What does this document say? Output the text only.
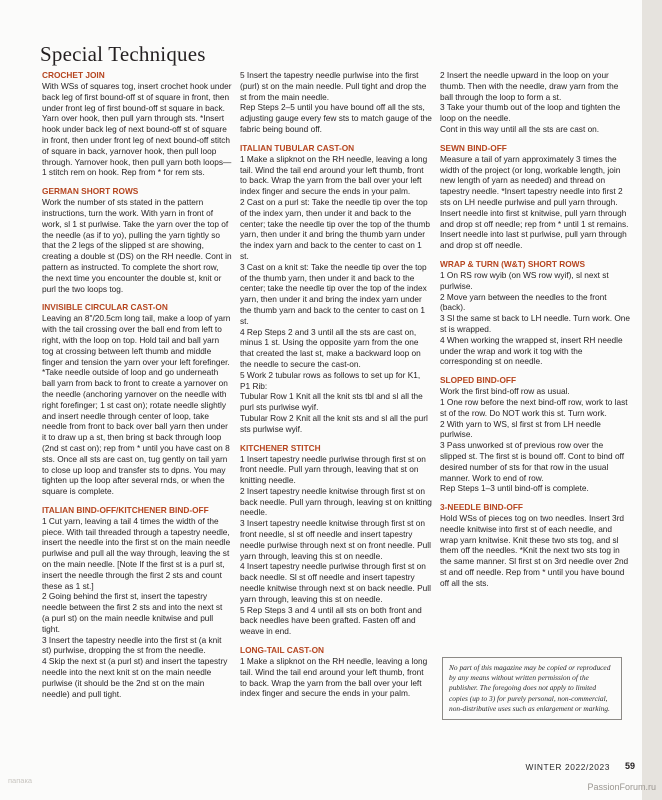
Special Techniques
CROCHET JOIN

With WSs of squares tog, insert crochet hook under back leg of first bound-off st of square in front, then under front leg of first bound-off st square in back. Yarn over hook, then pull yarn through sts. *Insert hook under back leg of next bound-off st of square in front, then under front leg of next bound-off stitch of square in back, yarnover hook, then pull loop through. Yarnover hook, then pull yarn both loops—1 stitch rem on hook. Rep from * for rem sts.

GERMAN SHORT ROWS

Work the number of sts stated in the pattern instructions, turn the work. With yarn in front of work, sl 1 st purlwise. Take the yarn over the top of the needle (as if to yo), pulling the yarn tightly so that the 2 legs of the slipped st are showing, creating a double st (DS) on the RH needle. Cont in pattern as instructed. To complete the short row, the next time you encounter the double st, knit or purl the two loops tog.

INVISIBLE CIRCULAR CAST-ON

Leaving an 8"/20.5cm long tail, make a loop of yarn with the tail crossing over the ball end from left to right, with the loop on top. Hold tail and ball yarn tog at crossing between left thumb and middle finger and tension the yarn over your left forefinger. *Take needle outside of loop and go underneath ball yarn from back to front to create a yarnover on the needle (anchoring yarnover on the needle with right forefinger; 1 st cast on); rotate needle slightly and insert needle through center of loop, take needle from front to back over ball yarn then under it to draw up a st, then bring st back through loop (2nd st cast on); rep from * until you have cast on 8 sts. Once all sts are cast on, tug gently on tail yarn to close up loop and transfer sts to dpns. You may tighten up the loop after several rnds, or when the square is complete.

ITALIAN BIND-OFF/KITCHENER BIND-OFF

1 Cut yarn, leaving a tail 4 times the width of the piece. With tail threaded through a tapestry needle, insert the needle into the first st on the main needle purlwise and pull all the way through, leaving the st on the main needle. [Note If the first st is a purl st, insert the needle through the first 2 sts and count these as 1 st.]

2 Going behind the first st, insert the tapestry needle between the first 2 sts and into the next st (a purl st) on the main needle knitwise and pull tight.

3 Insert the tapestry needle into the first st (a knit st) purlwise, dropping the st from the needle.

4 Skip the next st (a purl st) and insert the tapestry needle into the next knit st on the main needle purlwise (it should be the 2nd st on the main needle) and pull tight.

5 Insert the tapestry needle purlwise into the first (purl) st on the main needle. Pull tight and drop the st from the main needle.

Rep Steps 2–5 until you have bound off all the sts, adjusting gauge every few sts to match gauge of the fabric being bound off.

ITALIAN TUBULAR CAST-ON

1 Make a slipknot on the RH needle, leaving a long tail. Wind the tail end around your left thumb, front to back. Wrap the yarn from the ball over your left index finger and secure the ends in your palm.

2 Cast on a purl st: Take the needle tip over the top of the index yarn, then under it and back to the center; take the needle tip over the top of the thumb yarn, then under it and bring the thumb yarn under the index yarn and back to the center to cast on 1 st.

3 Cast on a knit st: Take the needle tip over the top of the thumb yarn, then under it and back to the center; take the needle tip over the top of the index yarn, then under it and bring the index yarn under the thumb yarn and back to the center to cast on 1 st.

4 Rep Steps 2 and 3 until all the sts are cast on, minus 1 st. Using the opposite yarn from the one that created the last st, make a backward loop on the needle to secure the cast-on.

5 Work 2 tubular rows as follows to set up for K1, P1 Rib:

Tubular Row 1 Knit all the knit sts tbl and sl all the purl sts purlwise wyif.

Tubular Row 2 Knit all the knit sts and sl all the purl sts purlwise wyif.

KITCHENER STITCH

1 Insert tapestry needle purlwise through first st on front needle. Pull yarn through, leaving that st on knitting needle.

2 Insert tapestry needle knitwise through first st on back needle. Pull yarn through, leaving st on knitting needle.

3 Insert tapestry needle knitwise through first st on front needle, sl st off needle and insert tapestry needle purlwise through next st on front needle. Pull yarn through, leaving this st on needle.

4 Insert tapestry needle purlwise through first st on back needle. Sl st off needle and insert tapestry needle knitwise through next st on back needle. Pull yarn through, leaving this st on needle.

5 Rep Steps 3 and 4 until all sts on both front and back needles have been grafted. Fasten off and weave in end.

LONG-TAIL CAST-ON

1 Make a slipknot on the RH needle, leaving a long tail. Wind the tail end around your left thumb, front to back. Wrap the yarn from the ball over your left index finger and secure the ends in your palm.

2 Insert the needle upward in the loop on your thumb. Then with the needle, draw yarn from the ball through the loop to form a st.

3 Take your thumb out of the loop and tighten the loop on the needle.

Cont in this way until all the sts are cast on.

SEWN BIND-OFF

Measure a tail of yarn approximately 3 times the width of the project (or long, workable length, join new length of yarn as needed) and thread on tapestry needle. *Insert tapestry needle into first 2 sts on LH needle purlwise and pull yarn through. Insert needle into first st knitwise, pull yarn through and drop st off needle; rep from * until 1 st remains. Insert needle into last st purlwise, pull yarn through and drop st off needle.

WRAP & TURN (W&T) SHORT ROWS

1 On RS row wyib (on WS row wyif), sl next st purlwise.

2 Move yarn between the needles to the front (back).

3 Sl the same st back to LH needle. Turn work. One st is wrapped.

4 When working the wrapped st, insert RH needle under the wrap and work it tog with the corresponding st on needle.

SLOPED BIND-OFF

Work the first bind-off row as usual.

1 One row before the next bind-off row, work to last st of the row. Do NOT work this st. Turn work.

2 With yarn to WS, sl first st from LH needle purlwise.

3 Pass unworked st of previous row over the slipped st. The first st is bound off. Cont to bind off desired number of sts for that row in the usual manner. Work to end of row.

Rep Steps 1–3 until bind-off is complete.

3-NEEDLE BIND-OFF

Hold WSs of pieces tog on two needles. Insert 3rd needle knitwise into first st of each needle, and wrap yarn knitwise. Knit these two sts tog, and sl them off the needles. *Knit the next two sts tog in the same manner. Sl first st on 3rd needle over 2nd st and off needle. Rep from * until you have bound off all the sts.

No part of this magazine may be copied or reproduced by any means without written permission of the publisher. The foregoing does not apply to limited copies (up to 3) for purely personal, non-commercial, non-distributive uses such as enlargement or marking.
WINTER 2022/2023 59
папака
PassionForum.ru
